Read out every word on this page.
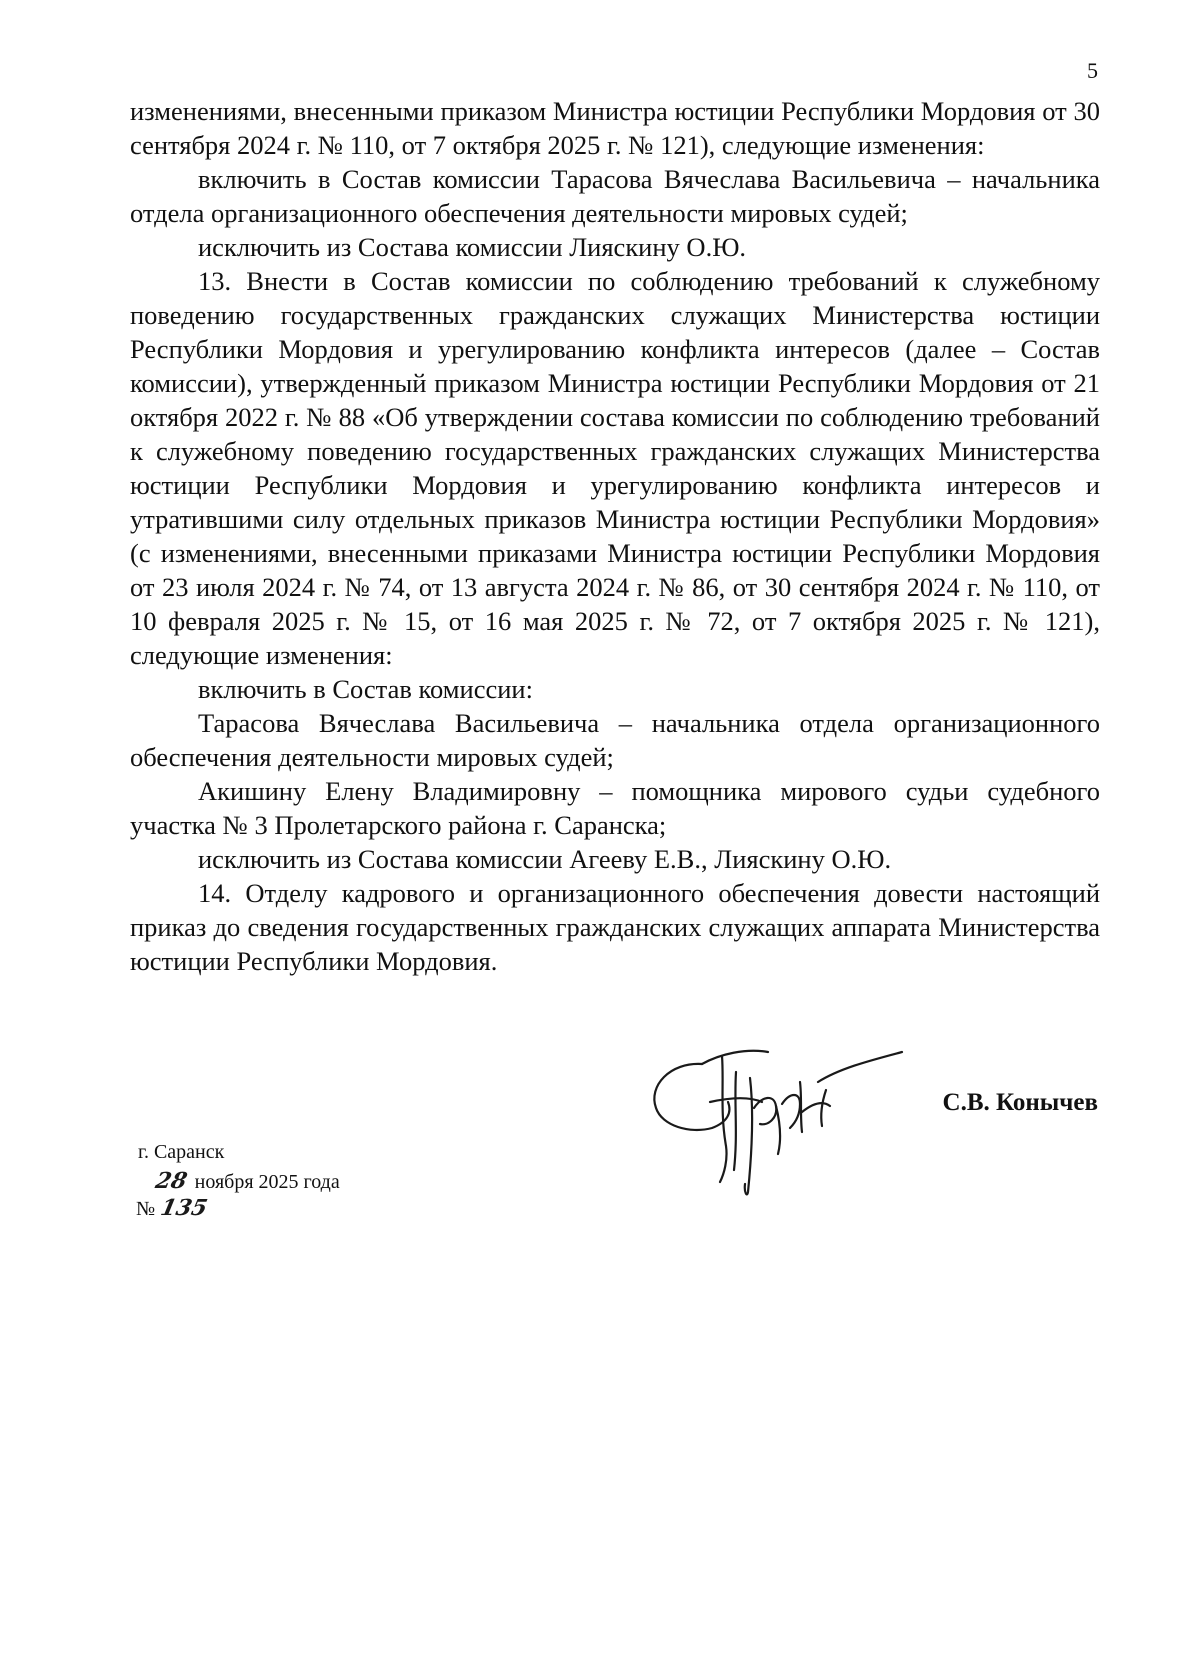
5

изменениями, внесенными приказом Министра юстиции Республики Мордовия от 30 сентября 2024 г. № 110, от 7 октября 2025 г. № 121), следующие изменения:

включить в Состав комиссии Тарасова Вячеслава Васильевича – начальника отдела организационного обеспечения деятельности мировых судей;

исключить из Состава комиссии Лияскину О.Ю.

13. Внести в Состав комиссии по соблюдению требований к служебному поведению государственных гражданских служащих Министерства юстиции Республики Мордовия и урегулированию конфликта интересов (далее – Состав комиссии), утвержденный приказом Министра юстиции Республики Мордовия от 21 октября 2022 г. № 88 «Об утверждении состава комиссии по соблюдению требований к служебному поведению государственных гражданских служащих Министерства юстиции Республики Мордовия и урегулированию конфликта интересов и утратившими силу отдельных приказов Министра юстиции Республики Мордовия» (с изменениями, внесенными приказами Министра юстиции Республики Мордовия от 23 июля 2024 г. № 74, от 13 августа 2024 г. № 86, от 30 сентября 2024 г. № 110, от 10 февраля 2025 г. № 15, от 16 мая 2025 г. № 72, от 7 октября 2025 г. № 121), следующие изменения:

включить в Состав комиссии:

Тарасова Вячеслава Васильевича – начальника отдела организационного обеспечения деятельности мировых судей;

Акишину Елену Владимировну – помощника мирового судьи судебного участка № 3 Пролетарского района г. Саранска;

исключить из Состава комиссии Агееву Е.В., Лияскину О.Ю.

14. Отделу кадрового и организационного обеспечения довести настоящий приказ до сведения государственных гражданских служащих аппарата Министерства юстиции Республики Мордовия.

С.В. Конычев
г. Саранск
28 ноября 2025 года
№ 135
